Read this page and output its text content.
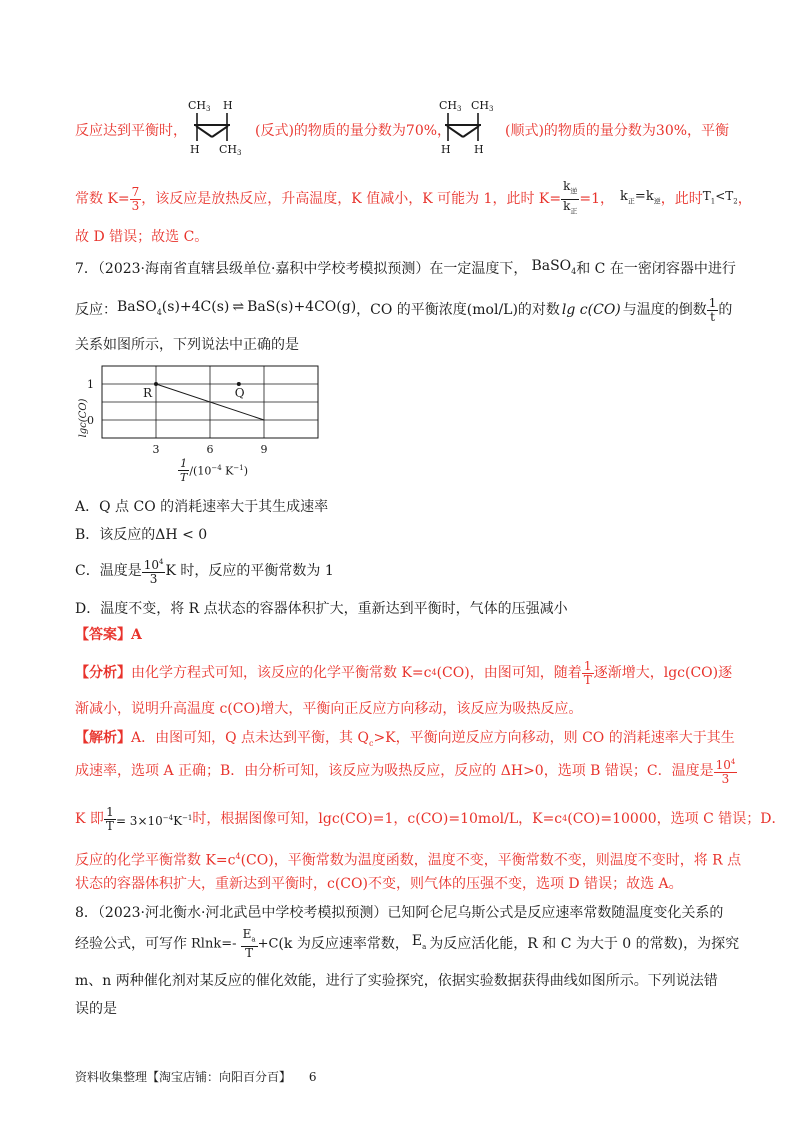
反应达到平衡时，
CH3 H
H CH3
(反式)的物质的量分数为70%，
CH3 CH3
H H
(顺式)的物质的量分数为30%，平衡
常数 $K= \frac{7}{3}$ ，该反应是放热反应，升高温度，K 值减小，K 可能为 1，此时 $K= \frac{k_逆}{k_正} =1$， $k_正=k_逆$ ，此时 $T_1<T_2$ ，
故 D 错误；故选 C。
7．（2023·海南省直辖县级单位·嘉积中学校考模拟预测）在一定温度下， BaSO$_4$ 和 C 在一密闭容器中进行
反应： BaSO$_4$(s)+4C(s) ⇌ BaS(s)+4CO(g) ，CO 的平衡浓度(mol/L)的对数 lg c(CO) 与温度的倒数 $\frac{1}{t}$ 的
关系如图所示，下列说法中正确的是
lgc(CO)
3	6	9
1
0
R	Q
$\frac{1}{T} /(10^{-4}$ $K^{-1}$)
A．Q 点 CO 的消耗速率大于其生成速率
B．该反应的ΔH < 0
C．温度是 $\frac{10^4}{3}$ K 时，反应的平衡常数为 1
D．温度不变，将 R 点状态的容器体积扩大，重新达到平衡时，气体的压强减小
【答案】A
【分析】 由化学方程式可知，该反应的化学平衡常数 K=c 4 (CO)，由图可知，随着 $\frac{1}{T}$ 逐渐增大，lgc(CO)逐
渐减小，说明升高温度 c(CO)增大，平衡向正反应方向移动，该反应为吸热反应。
【解析】A．由图可知，Q 点未达到平衡，其 $Q_c>K$，平衡向逆反应方向移动，则 CO 的消耗速率大于其生
成速率，选项 A 正确；B．由分析可知，该反应为吸热反应，反应的 ΔH>0，选项 B 错误；C．温度是 $\frac{10^4}{3}$
K 即 $\frac{1}{T} = 3\times 10^{-4}K^{-1}$ 时，根据图像可知，lgc(CO)=1，c(CO)=10mol/L，K=c 4 (CO)=10000，选项 C 错误；D．
反应的化学平衡常数 $K=c^4(CO)$，平衡常数为温度函数，温度不变，平衡常数不变，则温度不变时，将 R 点
状态的容器体积扩大，重新达到平衡时，c(CO)不变，则气体的压强不变，选项 D 错误；故选 A。
8．（2023·河北衡水·河北武邑中学校考模拟预测）已知阿仑尼乌斯公式是反应速率常数随温度变化关系的
经验公式，可写作 $Rlnk=- \frac{E_a}{T} +C$ (k 为反应速率常数， $E_a$ 为反应活化能，R 和 C 为大于 0 的常数)，为探究
m、n 两种催化剂对某反应的催化效能，进行了实验探究，依据实验数据获得曲线如图所示。下列说法错
误的是
资料收集整理【淘宝店铺：向阳百分百】 6
